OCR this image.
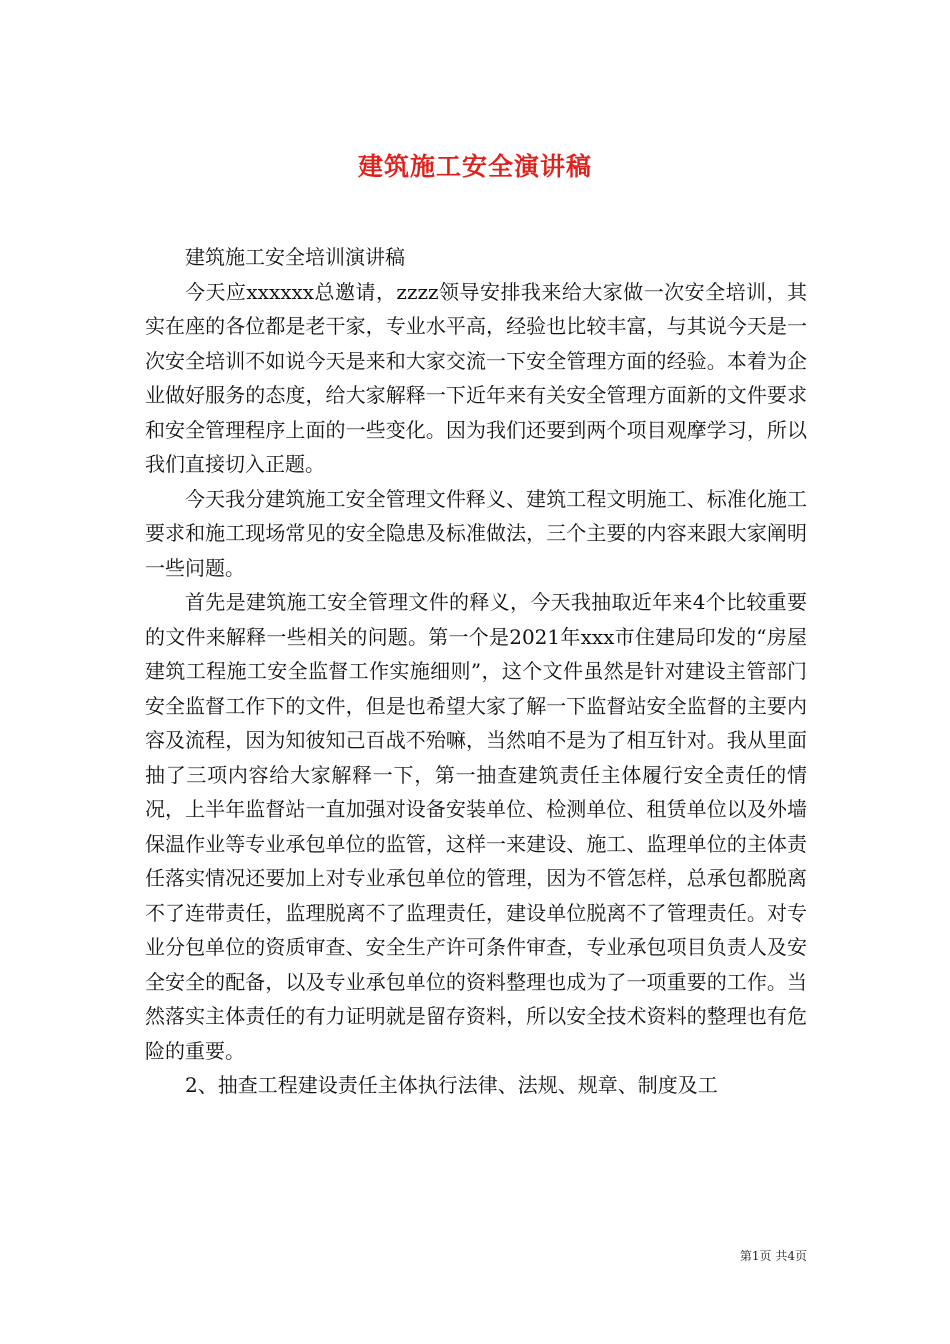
建筑施工安全演讲稿

建筑施工安全培训演讲稿

今天应xxxxxx总邀请，zzzz领导安排我来给大家做一次安全培训，其实在座的各位都是老干家，专业水平高，经验也比较丰富，与其说今天是一次安全培训不如说今天是来和大家交流一下安全管理方面的经验。本着为企业做好服务的态度，给大家解释一下近年来有关安全管理方面新的文件要求和安全管理程序上面的一些变化。因为我们还要到两个项目观摩学习，所以我们直接切入正题。

今天我分建筑施工安全管理文件释义、建筑工程文明施工、标准化施工要求和施工现场常见的安全隐患及标准做法，三个主要的内容来跟大家阐明一些问题。

首先是建筑施工安全管理文件的释义，今天我抽取近年来4个比较重要的文件来解释一些相关的问题。第一个是2021年xxx市住建局印发的“房屋建筑工程施工安全监督工作实施细则”，这个文件虽然是针对建设主管部门安全监督工作下的文件，但是也希望大家了解一下监督站安全监督的主要内容及流程，因为知彼知己百战不殆嘛，当然咱不是为了相互针对。我从里面抽了三项内容给大家解释一下，第一抽查建筑责任主体履行安全责任的情况，上半年监督站一直加强对设备安装单位、检测单位、租赁单位以及外墙保温作业等专业承包单位的监管，这样一来建设、施工、监理单位的主体责任落实情况还要加上对专业承包单位的管理，因为不管怎样，总承包都脱离不了连带责任，监理脱离不了监理责任，建设单位脱离不了管理责任。对专业分包单位的资质审查、安全生产许可条件审查，专业承包项目负责人及安全安全的配备，以及专业承包单位的资料整理也成为了一项重要的工作。当然落实主体责任的有力证明就是留存资料，所以安全技术资料的整理也有危险的重要。

2、抽查工程建设责任主体执行法律、法规、规章、制度及工

第1页 共4页
